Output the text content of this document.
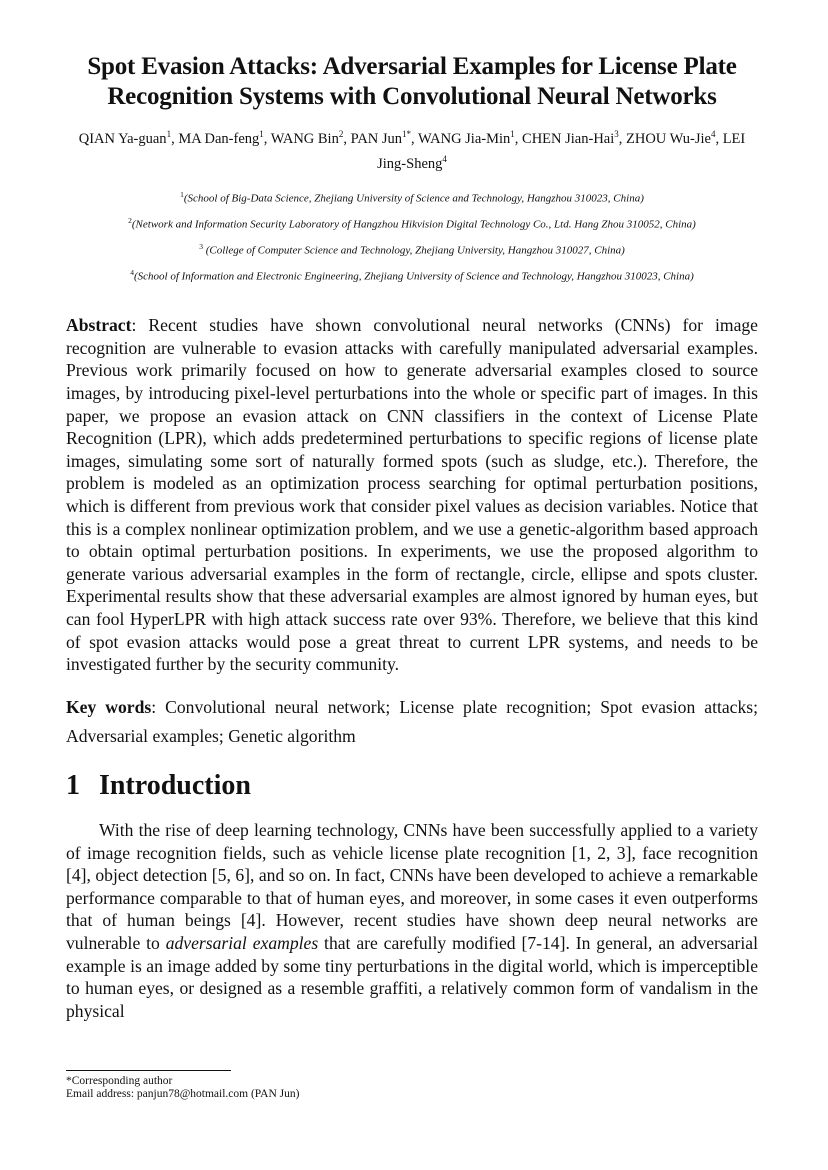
Spot Evasion Attacks: Adversarial Examples for License Plate Recognition Systems with Convolutional Neural Networks
QIAN Ya-guan$^1$, MA Dan-feng$^1$, WANG Bin$^2$, PAN Jun$^{1*}$, WANG Jia-Min$^1$, CHEN Jian-Hai$^3$, ZHOU Wu-Jie$^4$, LEI Jing-Sheng$^4$
$^1$(School of Big-Data Science, Zhejiang University of Science and Technology, Hangzhou 310023, China)
$^2$(Network and Information Security Laboratory of Hangzhou Hikvision Digital Technology Co., Ltd. Hang Zhou 310052, China)
$^3$ (College of Computer Science and Technology, Zhejiang University, Hangzhou 310027, China)
$^4$(School of Information and Electronic Engineering, Zhejiang University of Science and Technology, Hangzhou 310023, China)

Abstract: Recent studies have shown convolutional neural networks (CNNs) for image recognition are vulnerable to evasion attacks with carefully manipulated adversarial examples. Previous work primarily focused on how to generate adversarial examples closed to source images, by introducing pixel-level perturbations into the whole or specific part of images. In this paper, we propose an evasion attack on CNN classifiers in the context of License Plate Recognition (LPR), which adds predetermined perturbations to specific regions of license plate images, simulating some sort of naturally formed spots (such as sludge, etc.). Therefore, the problem is modeled as an optimization process searching for optimal perturbation positions, which is different from previous work that consider pixel values as decision variables. Notice that this is a complex nonlinear optimization problem, and we use a genetic-algorithm based approach to obtain optimal perturbation positions. In experiments, we use the proposed algorithm to generate various adversarial examples in the form of rectangle, circle, ellipse and spots cluster. Experimental results show that these adversarial examples are almost ignored by human eyes, but can fool HyperLPR with high attack success rate over 93%. Therefore, we believe that this kind of spot evasion attacks would pose a great threat to current LPR systems, and needs to be investigated further by the security community.

Key words: Convolutional neural network; License plate recognition; Spot evasion attacks; Adversarial examples; Genetic algorithm

1 Introduction

With the rise of deep learning technology, CNNs have been successfully applied to a variety of image recognition fields, such as vehicle license plate recognition [1, 2, 3], face recognition [4], object detection [5, 6], and so on. In fact, CNNs have been developed to achieve a remarkable performance comparable to that of human eyes, and moreover, in some cases it even outperforms that of human beings [4]. However, recent studies have shown deep neural networks are vulnerable to adversarial examples that are carefully modified [7-14]. In general, an adversarial example is an image added by some tiny perturbations in the digital world, which is imperceptible to human eyes, or designed as a resemble graffiti, a relatively common form of vandalism in the physical

*Corresponding author
Email address: panjun78@hotmail.com (PAN Jun)
